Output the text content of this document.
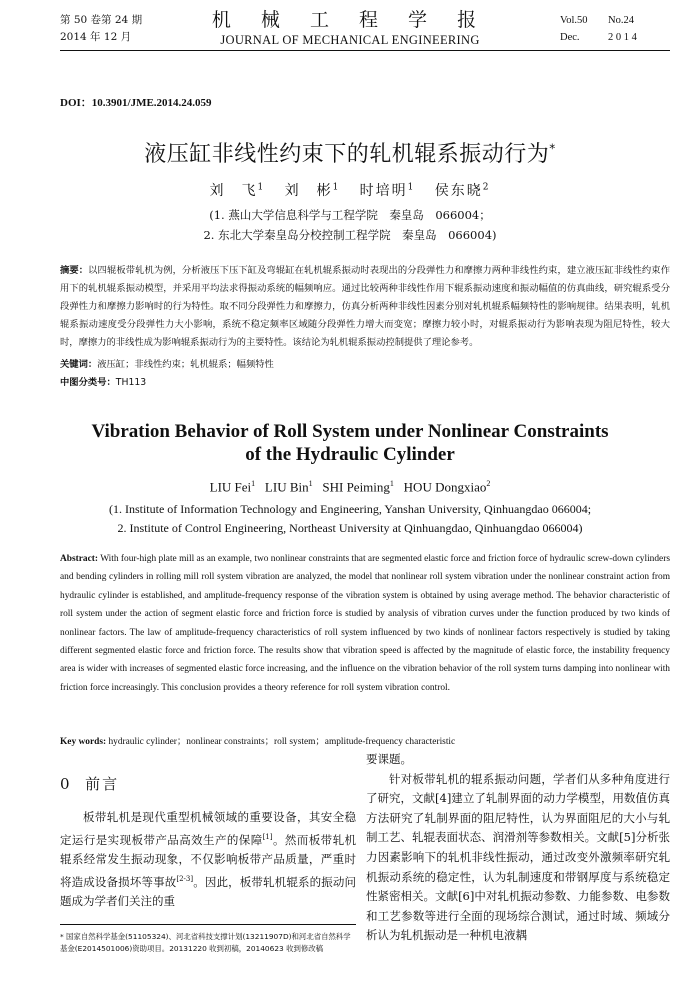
第 50 卷第 24 期
2014 年 12 月
机 械 工 程 学 报
JOURNAL OF MECHANICAL ENGINEERING
Vol.50 No.24
Dec.	2 0 1 4
DOI：10.3901/JME.2014.24.059
液压缸非线性约束下的轧机辊系振动行为*
刘　飞$^1$ 刘　彬$^1$ 时培明$^1$ 侯东晓$^2$
(1. 燕山大学信息科学与工程学院　秦皇岛　066004；
2. 东北大学秦皇岛分校控制工程学院　秦皇岛　066004)
摘要：以四辊板带轧机为例，分析液压下压下缸及弯辊缸在轧机辊系振动时表现出的分段弹性力和摩擦力两种非线性约束，建立液压缸非线性约束作用下的轧机辊系振动模型，并采用平均法求得振动系统的幅频响应。通过比较两种非线性作用下辊系振动速度和振动幅值的仿真曲线，研究辊系受分段弹性力和摩擦力影响时的行为特性。取不同分段弹性力和摩擦力，仿真分析两种非线性因素分别对轧机辊系幅频特性的影响规律。结果表明，轧机辊系振动速度受分段弹性力大小影响，系统不稳定频率区域随分段弹性力增大而变宽；摩擦力较小时，对辊系振动行为影响表现为阻尼特性，较大时，摩擦力的非线性成为影响辊系振动行为的主要特性。该结论为轧机辊系振动控制提供了理论参考。
关键词：液压缸；非线性约束；轧机辊系；幅频特性
中图分类号：TH113
Vibration Behavior of Roll System under Nonlinear Constraints
of the Hydraulic Cylinder
LIU Fei$^1$ LIU Bin$^1$ SHI Peiming$^1$ HOU Dongxiao$^2$
(1. Institute of Information Technology and Engineering, Yanshan University, Qinhuangdao 066004;
2. Institute of Control Engineering, Northeast University at Qinhuangdao, Qinhuangdao 066004)
Abstract: With four-high plate mill as an example, two nonlinear constraints that are segmented elastic force and friction force of hydraulic screw-down cylinders and bending cylinders in rolling mill roll system vibration are analyzed, the model that nonlinear roll system vibration under the nonlinear constraint action from hydraulic cylinder is established, and amplitude-frequency response of the vibration system is obtained by using average method. The behavior characteristic of roll system under the action of segment elastic force and friction force is studied by analysis of vibration curves under the function produced by two kinds of nonlinear factors. The law of amplitude-frequency characteristics of roll system influenced by two kinds of nonlinear factors respectively is studied by taking different segmented elastic force and friction force. The results show that vibration speed is affected by the magnitude of elastic force, the instability frequency area is wider with increases of segmented elastic force increasing, and the influence on the vibration behavior of the roll system turns damping into nonlinear with friction force increasingly. This conclusion provides a theory reference for roll system vibration control.
Key words: hydraulic cylinder；nonlinear constraints；roll system；amplitude-frequency characteristic
0 前言

板带轧机是现代重型机械领域的重要设备，其安全稳定运行是实现板带产品高效生产的保障[1]。然而板带轧机辊系经常发生振动现象，不仅影响板带产品质量，严重时将造成设备损坏等事故[2-3]。因此，板带轧机辊系的振动问题成为学者们关注的重

要课题。

针对板带轧机的辊系振动问题，学者们从多种角度进行了研究，文献[4]建立了轧制界面的动力学模型，用数值仿真方法研究了轧制界面的阻尼特性，认为界面阻尼的大小与轧制工艺、轧辊表面状态、润滑剂等参数相关。文献[5]分析张力因素影响下的轧机非线性振动，通过改变外激频率研究轧机振动系统的稳定性，认为轧制速度和带钢厚度与系统稳定性紧密相关。文献[6]中对轧机振动参数、力能参数、电参数和工艺参数等进行全面的现场综合测试，通过时域、频域分析认为轧机振动是一种机电液耦

* 国家自然科学基金(51105324)、河北省科技支撑计划(13211907D)和河北省自然科学基金(E2014501006)资助项目。20131220 收到初稿，20140623 收到修改稿
